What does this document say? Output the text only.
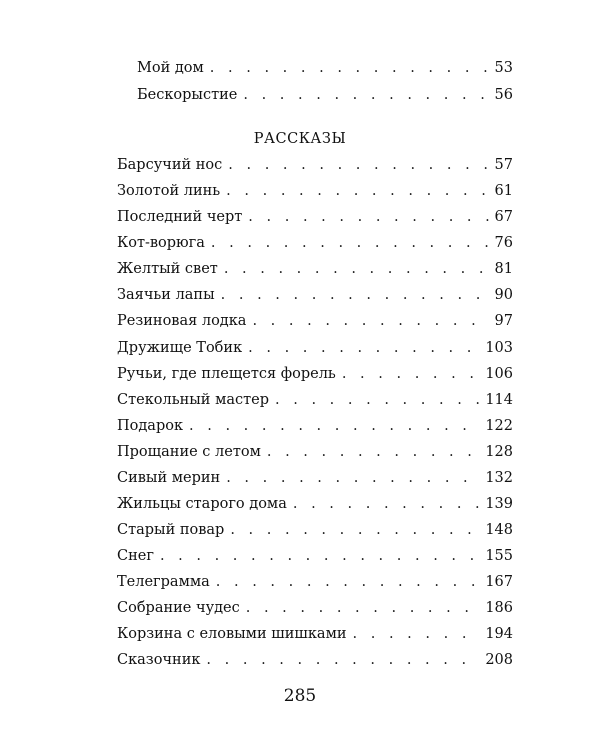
Мой дом . . .	53
Бескорыстие . . .	56
РАССКАЗЫ
Барсучий нос . . .	57
Золотой линь . . .	61
Последний черт . . .	67
Кот-ворюга . . .	76
Желтый свет . . .	81
Заячьи лапы . . .	90
Резиновая лодка . . .	97
Дружище Тобик . . .	103
Ручьи, где плещется форель . . .	106
Стекольный мастер . . .	114
Подарок . . .	122
Прощание с летом . . .	128
Сивый мерин . . .	132
Жильцы старого дома . . .	139
Старый повар . . .	148
Снег . . .	155
Телеграмма . . .	167
Собрание чудес . . .	186
Корзина с еловыми шишками . . .	194
Сказочник . . .	208
285
